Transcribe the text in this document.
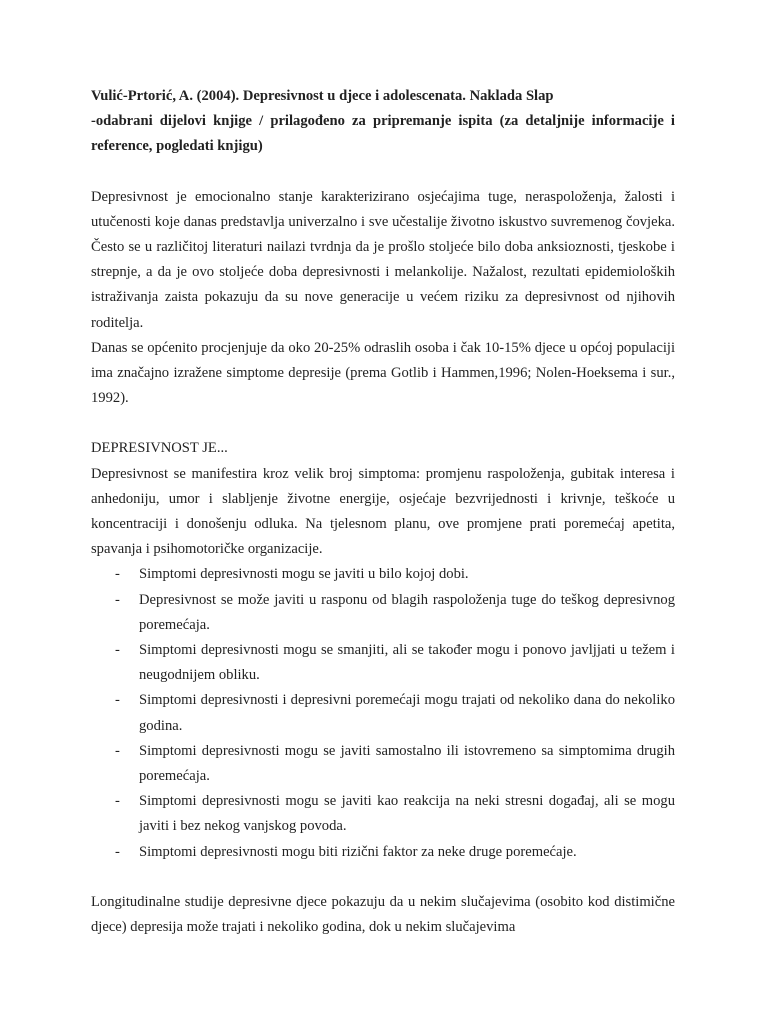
Vulić-Prtorić, A. (2004). Depresivnost u djece i adolescenata. Naklada Slap

-odabrani dijelovi knjige / prilagođeno za pripremanje ispita (za detaljnije informacije i reference, pogledati knjigu)

Depresivnost je emocionalno stanje karakterizirano osjećajima tuge, neraspoloženja, žalosti i utučenosti koje danas predstavlja univerzalno i sve učestalije životno iskustvo suvremenog čovjeka. Često se u različitoj literaturi nailazi tvrdnja da je prošlo stoljeće bilo doba anksioznosti, tjeskobe i strepnje, a da je ovo stoljeće doba depresivnosti i melankolije. Nažalost, rezultati epidemioloških istraživanja zaista pokazuju da su nove generacije u većem riziku za depresivnost od njihovih roditelja.

Danas se općenito procjenjuje da oko 20-25% odraslih osoba i čak 10-15% djece u općoj populaciji ima značajno izražene simptome depresije (prema Gotlib i Hammen,1996; Nolen-Hoeksema i sur., 1992).

DEPRESIVNOST JE...

Depresivnost se manifestira kroz velik broj simptoma: promjenu raspoloženja, gubitak interesa i anhedoniju, umor i slabljenje životne energije, osjećaje bezvrijednosti i krivnje, teškoće u koncentraciji i donošenju odluka. Na tjelesnom planu, ove promjene prati poremećaj apetita, spavanja i psihomotoričke organizacije.

- Simptomi depresivnosti mogu se javiti u bilo kojoj dobi.
- Depresivnost se može javiti u rasponu od blagih raspoloženja tuge do teškog depresivnog poremećaja.
- Simptomi depresivnosti mogu se smanjiti, ali se također mogu i ponovo javljjati u težem i neugodnijem obliku.
- Simptomi depresivnosti i depresivni poremećaji mogu trajati od nekoliko dana do nekoliko godina.
- Simptomi depresivnosti mogu se javiti samostalno ili istovremeno sa simptomima drugih poremećaja.
- Simptomi depresivnosti mogu se javiti kao reakcija na neki stresni događaj, ali se mogu javiti i bez nekog vanjskog povoda.
- Simptomi depresivnosti mogu biti rizični faktor za neke druge poremećaje.

Longitudinalne studije depresivne djece pokazuju da u nekim slučajevima (osobito kod distimične djece) depresija može trajati i nekoliko godina, dok u nekim slučajevima
